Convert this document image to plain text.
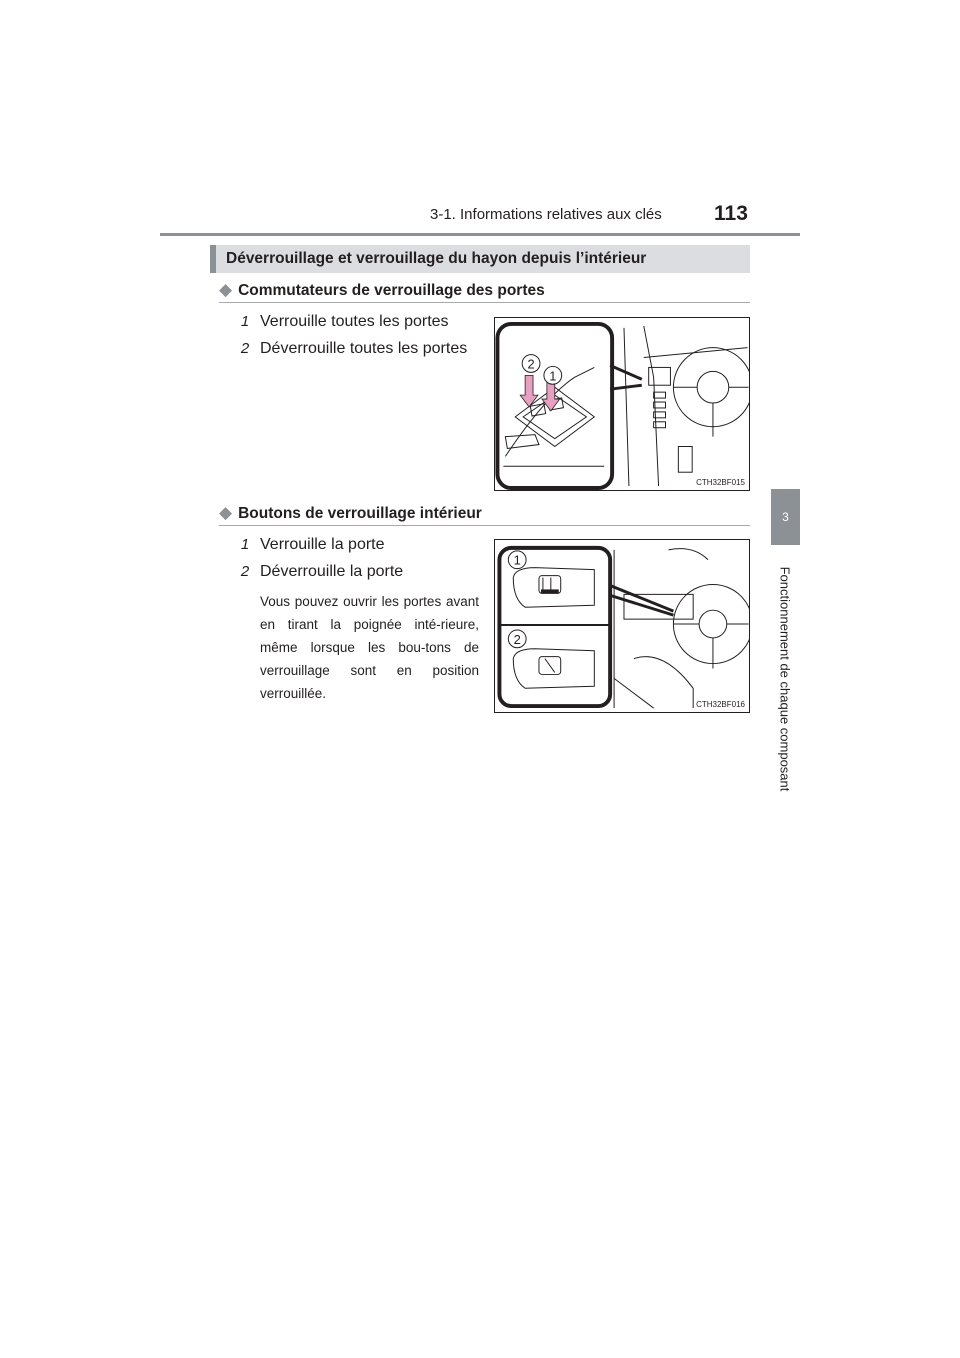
3-1. Informations relatives aux clés 113
3
Fonctionnement de chaque composant
Déverrouillage et verrouillage du hayon depuis l’intérieur
◆ Commutateurs de verrouillage des portes
1 Verrouille toutes les portes
2 Déverrouille toutes les portes
2
1
CTH32BF015
◆ Boutons de verrouillage intérieur
1 Verrouille la porte
2 Déverrouille la porte
Vous pouvez ouvrir les portes avant en tirant la poignée inté-rieure, même lorsque les bou-tons de verrouillage sont en position verrouillée.
1
2
CTH32BF016
